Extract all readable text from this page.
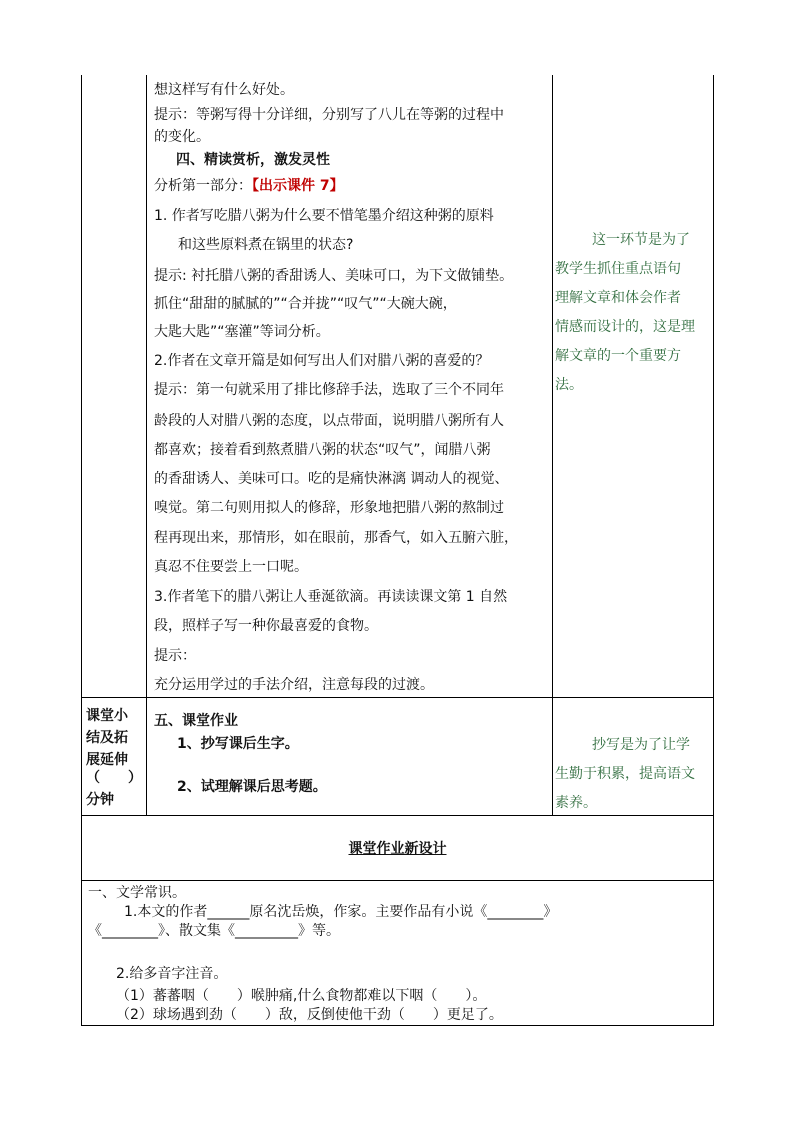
想这样写有什么好处。
提示：等粥写得十分详细，分别写了八儿在等粥的过程中
的变化。
四、精读赏析，激发灵性
分析第一部分：【出示课件 7】
1. 作者写吃腊八粥为什么要不惜笔墨介绍这种粥的原料
和这些原料煮在锅里的状态?
提示: 衬托腊八粥的香甜诱人、美味可口，为下文做铺垫。
抓住“甜甜的腻腻的”“合并拢”“叹气”“大碗大碗，
大匙大匙”“塞灌”等词分析。
2.作者在文章开篇是如何写出人们对腊八粥的喜爱的？
提示：第一句就采用了排比修辞手法，选取了三个不同年
龄段的人对腊八粥的态度，以点带面，说明腊八粥所有人
都喜欢；接着看到熬煮腊八粥的状态“叹气”，闻腊八粥
的香甜诱人、美味可口。吃的是痛快淋漓 调动人的视觉、
嗅觉。第二句则用拟人的修辞，形象地把腊八粥的熬制过
程再现出来，那情形，如在眼前，那香气，如入五腑六脏，
真忍不住要尝上一口呢。
3.作者笔下的腊八粥让人垂涎欲滴。再读读课文第 1 自然
段，照样子写一种你最喜爱的食物。
提示：
充分运用学过的手法介绍，注意每段的过渡。
这一环节是为了
教学生抓住重点语句
理解文章和体会作者
情感而设计的，这是理
解文章的一个重要方
法。
课堂小
结及拓
展延伸
（　　）
分钟
五、课堂作业
1、抄写课后生字。
2、试理解课后思考题。
抄写是为了让学
生勤于积累，提高语文
素养。
课堂作业新设计
一、文学常识。
1.本文的作者______原名沈岳焕，作家。主要作品有小说《________》
《________》、散文集《_________》等。
2.给多音字注音。
（1）蕃蕃咽（　　）喉肿痛,什么食物都难以下咽（　　）。
（2）球场遇到劲（　　）敌，反倒使他干劲（　　）更足了。
